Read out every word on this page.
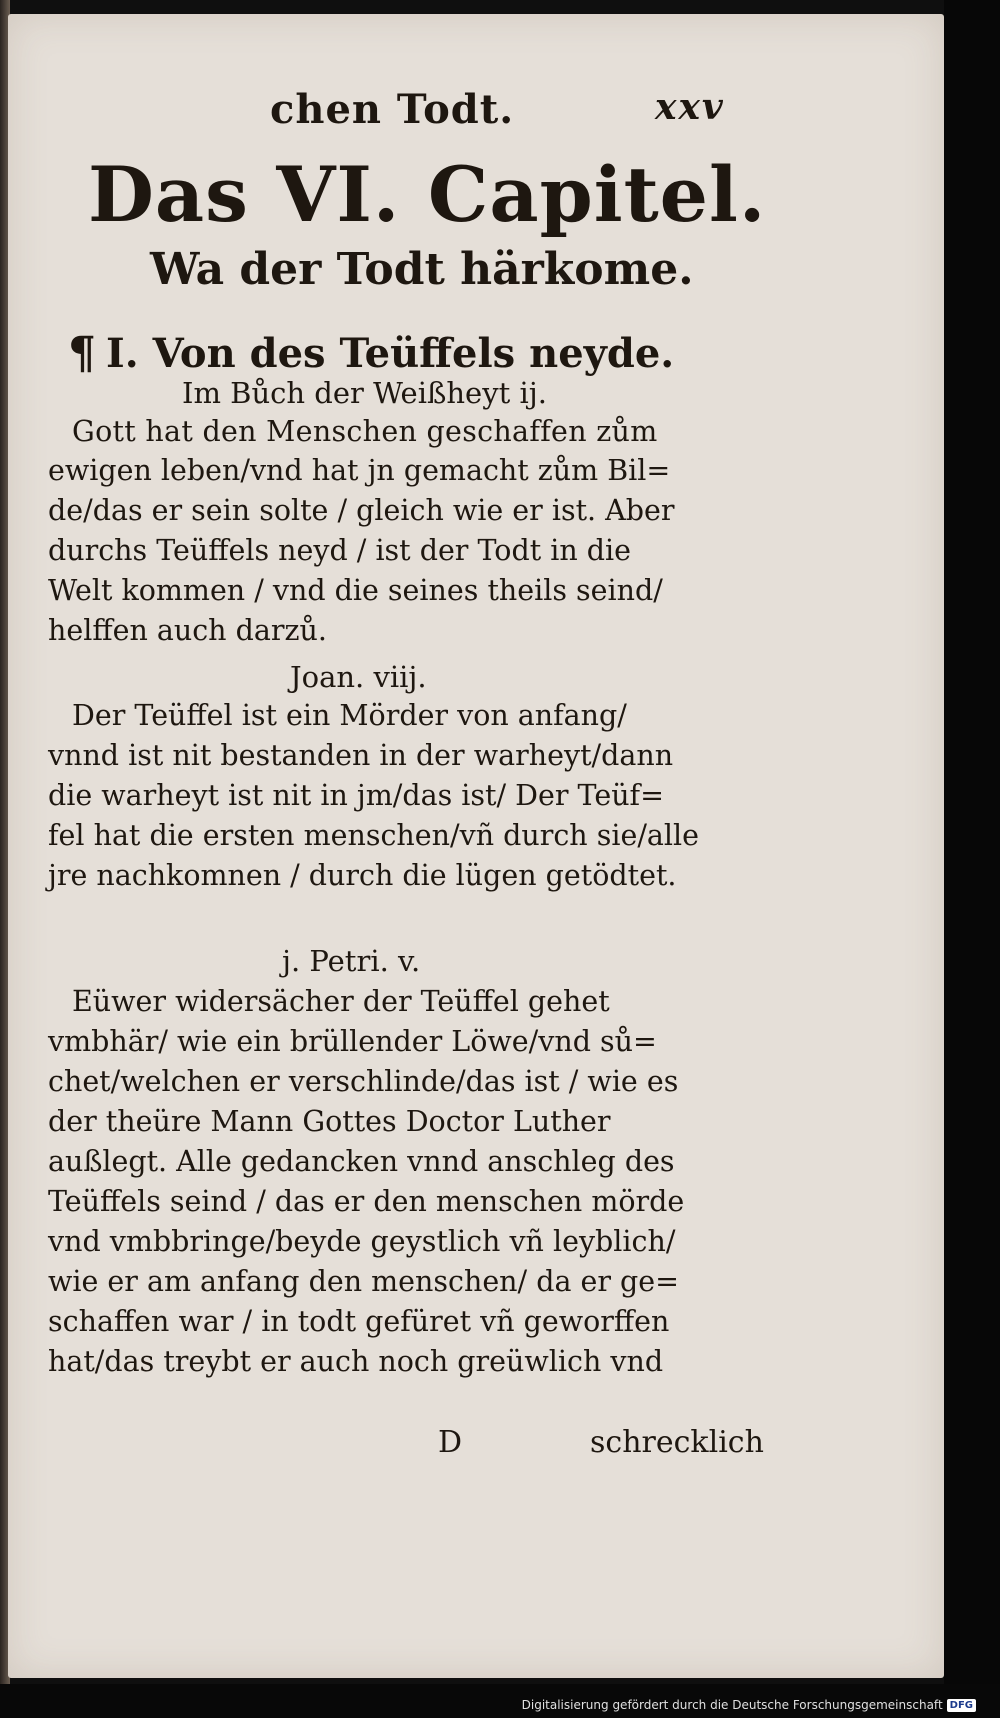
chen Todt.	xxv
Das VI. Capitel.
Wa der Todt härkome.
¶ I. Von des Teüffels neyde.
Im Bůch der Weißheyt ij.
Gott hat den Menschen geschaffen zům
ewigen leben/vnd hat jn gemacht zům Bil=
de/das er sein solte / gleich wie er ist. Aber
durchs Teüffels neyd / ist der Todt in die
Welt kommen / vnd die seines theils seind/
helffen auch darzů.
Joan. viij.
Der Teüffel ist ein Mörder von anfang/
vnnd ist nit bestanden in der warheyt/dann
die warheyt ist nit in jm/das ist/ Der Teüf=
fel hat die ersten menschen/vñ durch sie/alle
jre nachkomnen / durch die lügen getödtet.
j. Petri. v.
Eüwer widersächer der Teüffel gehet
vmbhär/ wie ein brüllender Löwe/vnd sů=
chet/welchen er verschlinde/das ist / wie es
der theüre Mann Gottes Doctor Luther
außlegt. Alle gedancken vnnd anschleg des
Teüffels seind / das er den menschen mörde
vnd vmbbringe/beyde geystlich vñ leyblich/
wie er am anfang den menschen/ da er ge=
schaffen war / in todt gefüret vñ geworffen
hat/das treybt er auch noch greüwlich vnd
D	schrecklich
Digitalisierung gefördert durch die Deutsche Forschungsgemeinschaft DFG
